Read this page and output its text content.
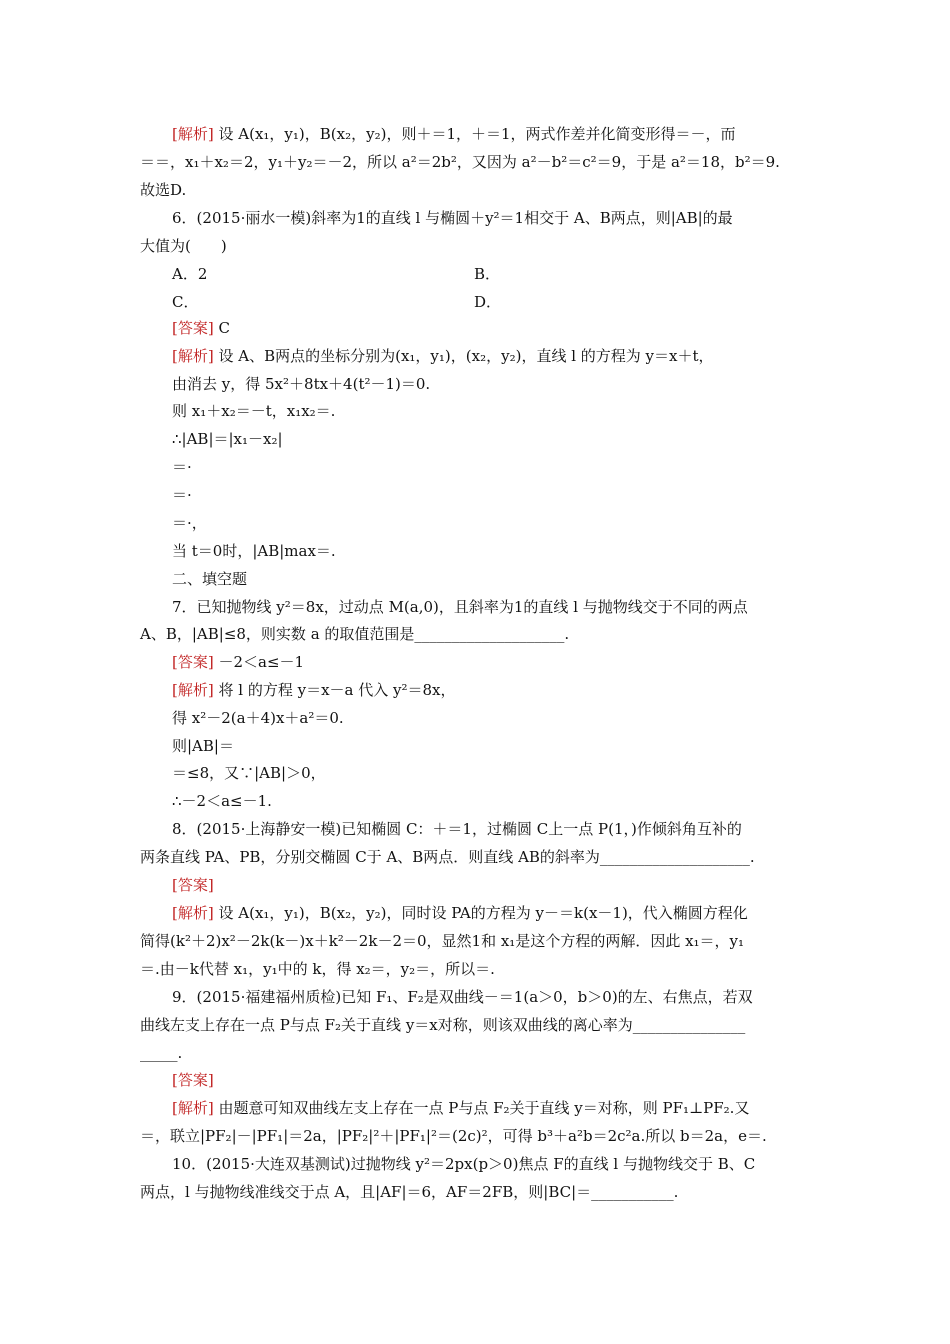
[解析] 设 A(x₁，y₁)，B(x₂，y₂)，则＋＝1，＋＝1，两式作差并化简变形得＝－，而
＝＝，x₁＋x₂＝2，y₁＋y₂＝－2，所以 a²＝2b²，又因为 a²－b²＝c²＝9，于是 a²＝18，b²＝9.
故选D.
6．(2015·丽水一模)斜率为1的直线 l 与椭圆＋y²＝1相交于 A、B两点，则|AB|的最
大值为(　　)
[答案] C
[解析] 设 A、B两点的坐标分别为(x₁，y₁)，(x₂，y₂)，直线 l 的方程为 y＝x＋t，
由消去 y，得 5x²＋8tx＋4(t²－1)＝0.
则 x₁＋x₂＝－t，x₁x₂＝.
∴|AB|＝|x₁－x₂|
＝·
＝·
＝·，
当 t＝0时，|AB|max＝.
二、填空题
7．已知抛物线 y²＝8x，过动点 M(a,0)，且斜率为1的直线 l 与抛物线交于不同的两点
A、B，|AB|≤8，则实数 a 的取值范围是____________________.
[答案] －2＜a≤－1
[解析] 将 l 的方程 y＝x－a 代入 y²＝8x，
得 x²－2(a＋4)x＋a²＝0.
则|AB|＝
＝≤8，又∵|AB|＞0，
∴－2＜a≤－1.
8．(2015·上海静安一模)已知椭圆 C：＋＝1，过椭圆 C上一点 P(1，)作倾斜角互补的
两条直线 PA、PB，分别交椭圆 C于 A、B两点．则直线 AB的斜率为____________________.
[答案]
[解析] 设 A(x₁，y₁)，B(x₂，y₂)，同时设 PA的方程为 y－＝k(x－1)，代入椭圆方程化
简得(k²＋2)x²－2k(k－)x＋k²－2k－2＝0，显然1和 x₁是这个方程的两解．因此 x₁＝，y₁
＝.由－k代替 x₁，y₁中的 k，得 x₂＝，y₂＝，所以＝.
9．(2015·福建福州质检)已知 F₁、F₂是双曲线－＝1(a＞0，b＞0)的左、右焦点，若双
曲线左支上存在一点 P与点 F₂关于直线 y＝x对称，则该双曲线的离心率为_______________
_____.
[答案]
[解析] 由题意可知双曲线左支上存在一点 P与点 F₂关于直线 y＝对称，则 PF₁⊥PF₂.又
＝，联立|PF₂|－|PF₁|＝2a，|PF₂|²＋|PF₁|²＝(2c)²，可得 b³＋a²b＝2c²a.所以 b＝2a，e＝.
10．(2015·大连双基测试)过抛物线 y²＝2px(p＞0)焦点 F的直线 l 与抛物线交于 B、C
两点，l 与抛物线准线交于点 A，且|AF|＝6，AF＝2FB，则|BC|＝___________.
A．2	B．
C．	D．
